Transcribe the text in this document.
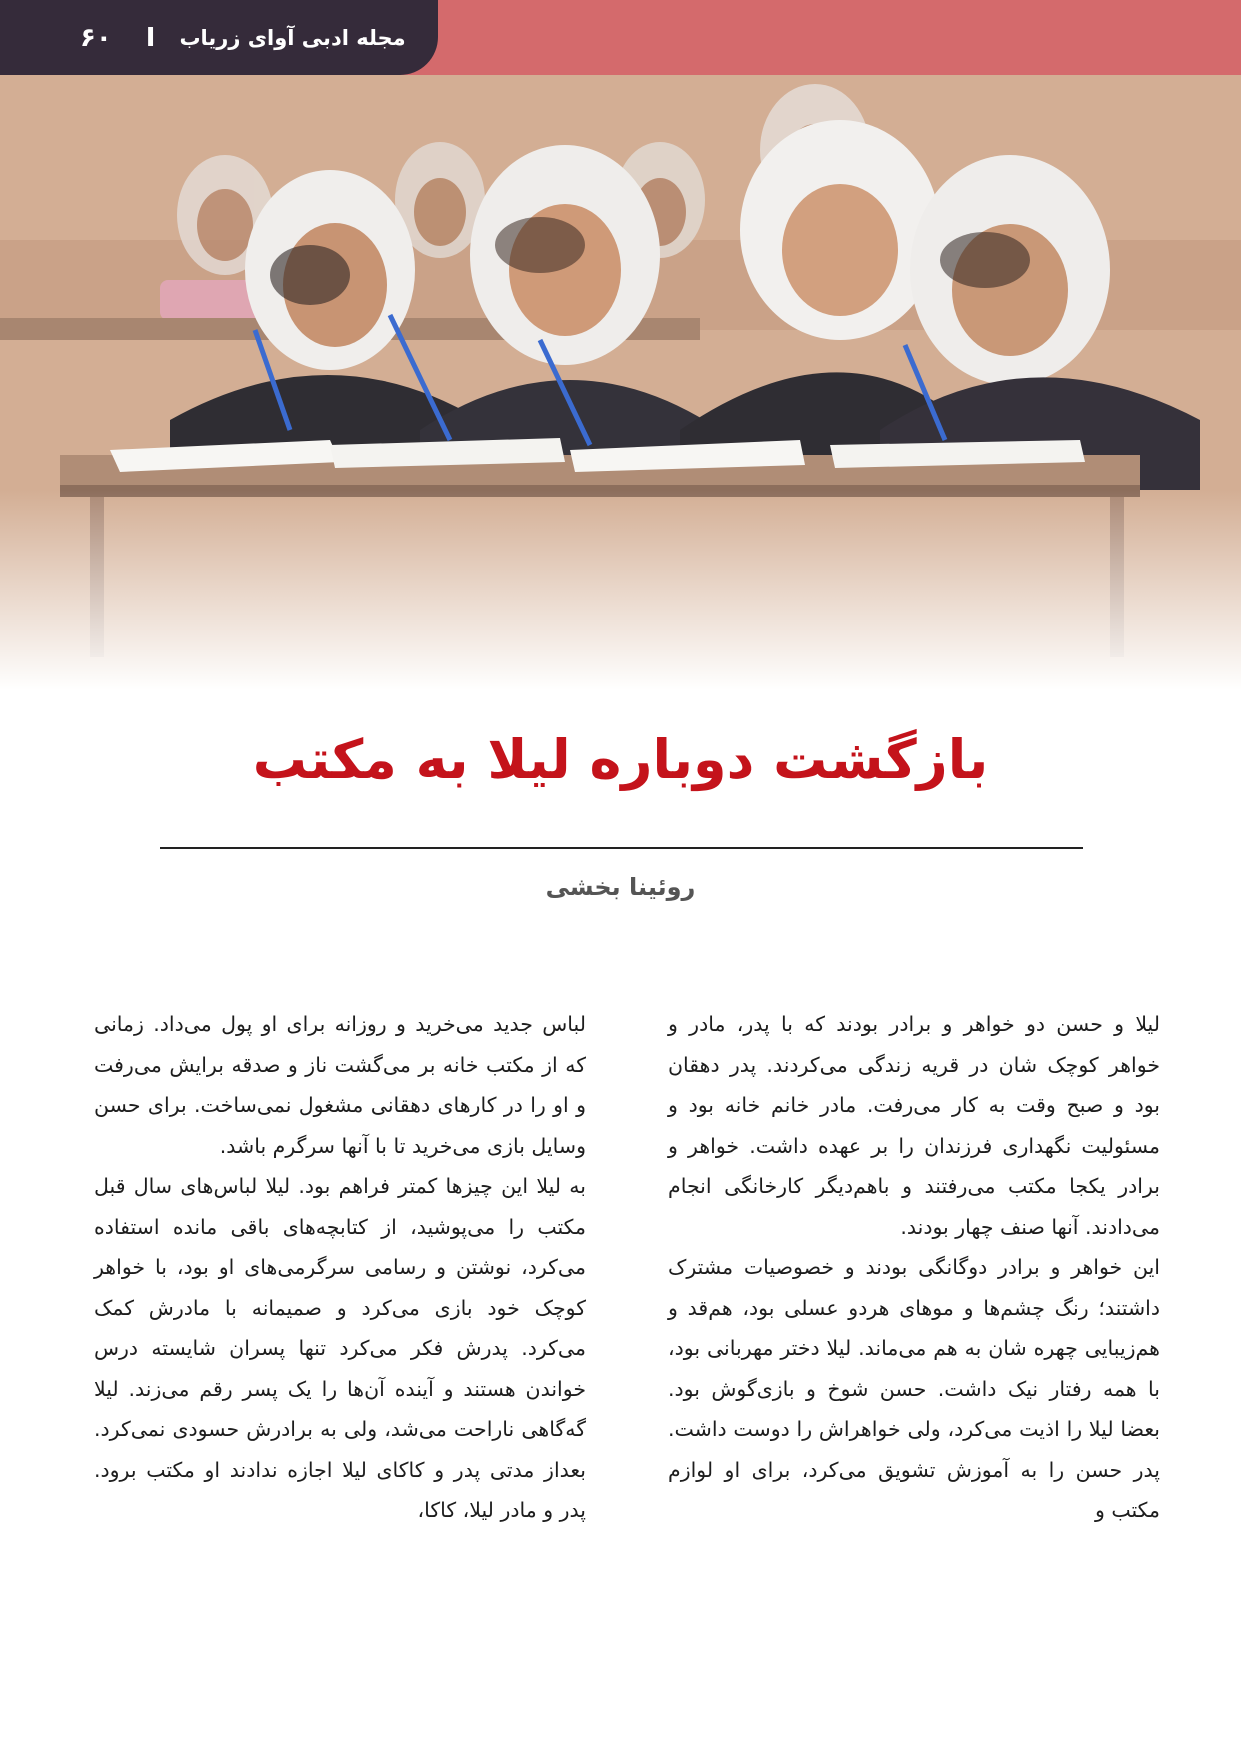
۶۰ I مجله ادبی آوای زریاب
بازگشت دوباره لیلا به مکتب
روئینا بخشی

لیلا و حسن دو خواهر و برادر بودند که با پدر، مادر و خواهر کوچک شان در قریه زندگی می‌کردند. پدر دهقان بود و صبح وقت به کار می‌رفت. مادر خانم خانه بود و مسئولیت نگهداری فرزندان را بر عهده داشت. خواهر و برادر یکجا مکتب می‌رفتند و باهم‌دیگر کارخانگی انجام می‌دادند. آنها صنف چهار بودند.

این خواهر و برادر دوگانگی بودند و خصوصیات مشترک داشتند؛ رنگ چشم‌ها و موهای هردو عسلی بود، هم‌قد و هم‌زیبایی چهره شان به هم می‌ماند. لیلا دختر مهربانی بود، با همه رفتار نیک داشت. حسن شوخ و بازی‌گوش بود. بعضا لیلا را اذیت می‌کرد، ولی خواهراش را دوست داشت. پدر حسن را به آموزش تشویق می‌کرد، برای او لوازم مکتب و

لباس جدید می‌خرید و روزانه برای او پول می‌داد. زمانی که از مکتب خانه بر می‌گشت ناز و صدقه برایش می‌رفت و او را در کارهای دهقانی مشغول نمی‌ساخت. برای حسن وسایل بازی می‌خرید تا با آنها سرگرم باشد.

به لیلا این چیزها کمتر فراهم بود. لیلا لباس‌های سال قبل مکتب را می‌پوشید، از کتابچه‌های باقی مانده استفاده می‌کرد، نوشتن و رسامی سرگرمی‌های او بود، با خواهر کوچک خود بازی می‌کرد و صمیمانه با مادرش کمک می‌کرد. پدرش فکر می‌کرد تنها پسران شایسته درس خواندن هستند و آینده آن‌ها را یک پسر رقم می‌زند. لیلا گه‌گاهی ناراحت می‌شد، ولی به برادرش حسودی نمی‌کرد. بعداز مدتی پدر و کاکای لیلا اجازه ندادند او مکتب برود. پدر و مادر لیلا، کاکا،
